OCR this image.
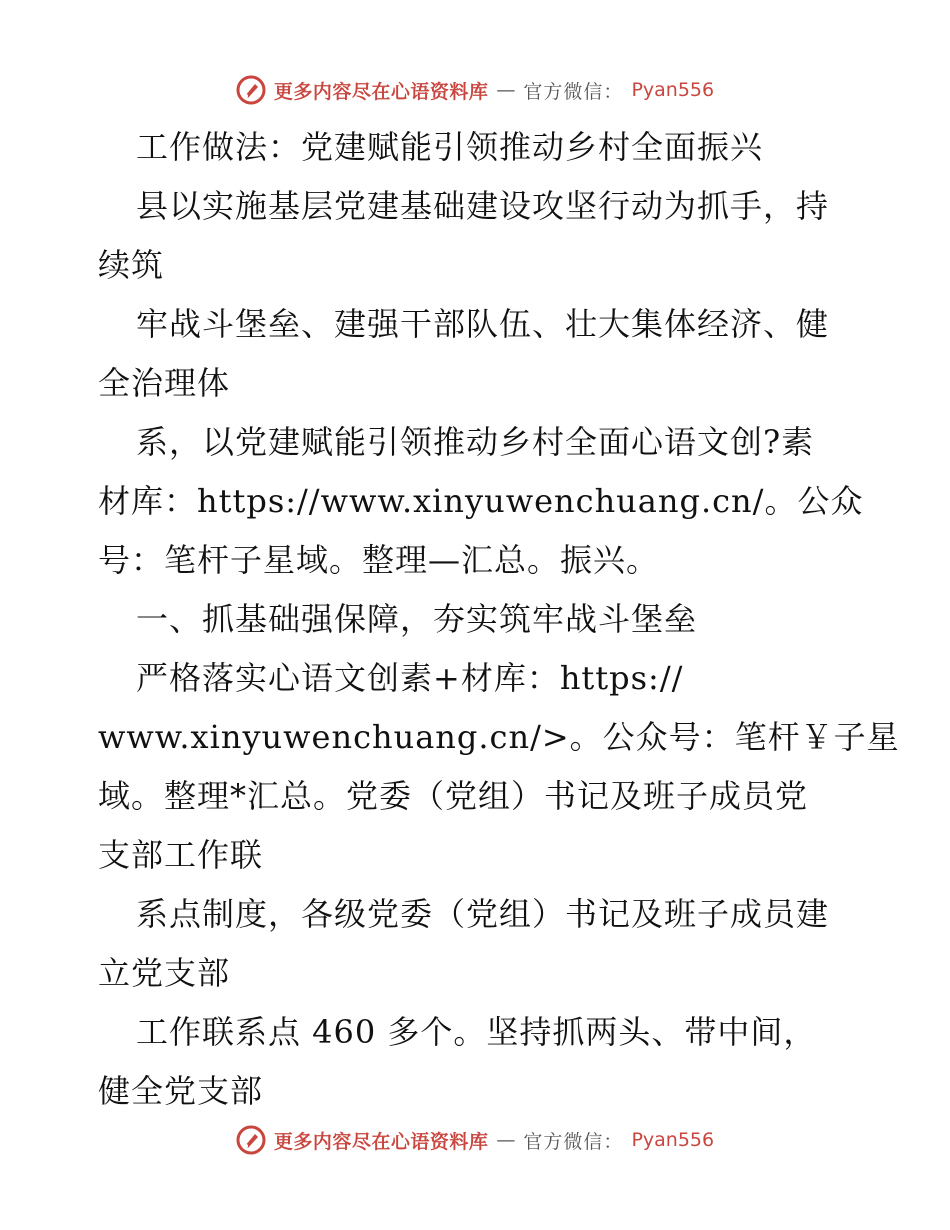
更多内容尽在心语资料库 — 官方微信： Pyan556
工作做法：党建赋能引领推动乡村全面振兴
县以实施基层党建基础建设攻坚行动为抓手，持
续筑
牢战斗堡垒、建强干部队伍、壮大集体经济、健
全治理体
系，以党建赋能引领推动乡村全面心语文创?素
材库：https://www.xinyuwenchuang.cn/。公众
号：笔杆子星域。整理—汇总。振兴。
一、抓基础强保障，夯实筑牢战斗堡垒
严格落实心语文创素+材库：https://
www.xinyuwenchuang.cn/>。公众号：笔杆￥子星
域。整理*汇总。党委（党组）书记及班子成员党
支部工作联
系点制度，各级党委（党组）书记及班子成员建
立党支部
工作联系点 460 多个。坚持抓两头、带中间，
健全党支部
更多内容尽在心语资料库 — 官方微信： Pyan556
